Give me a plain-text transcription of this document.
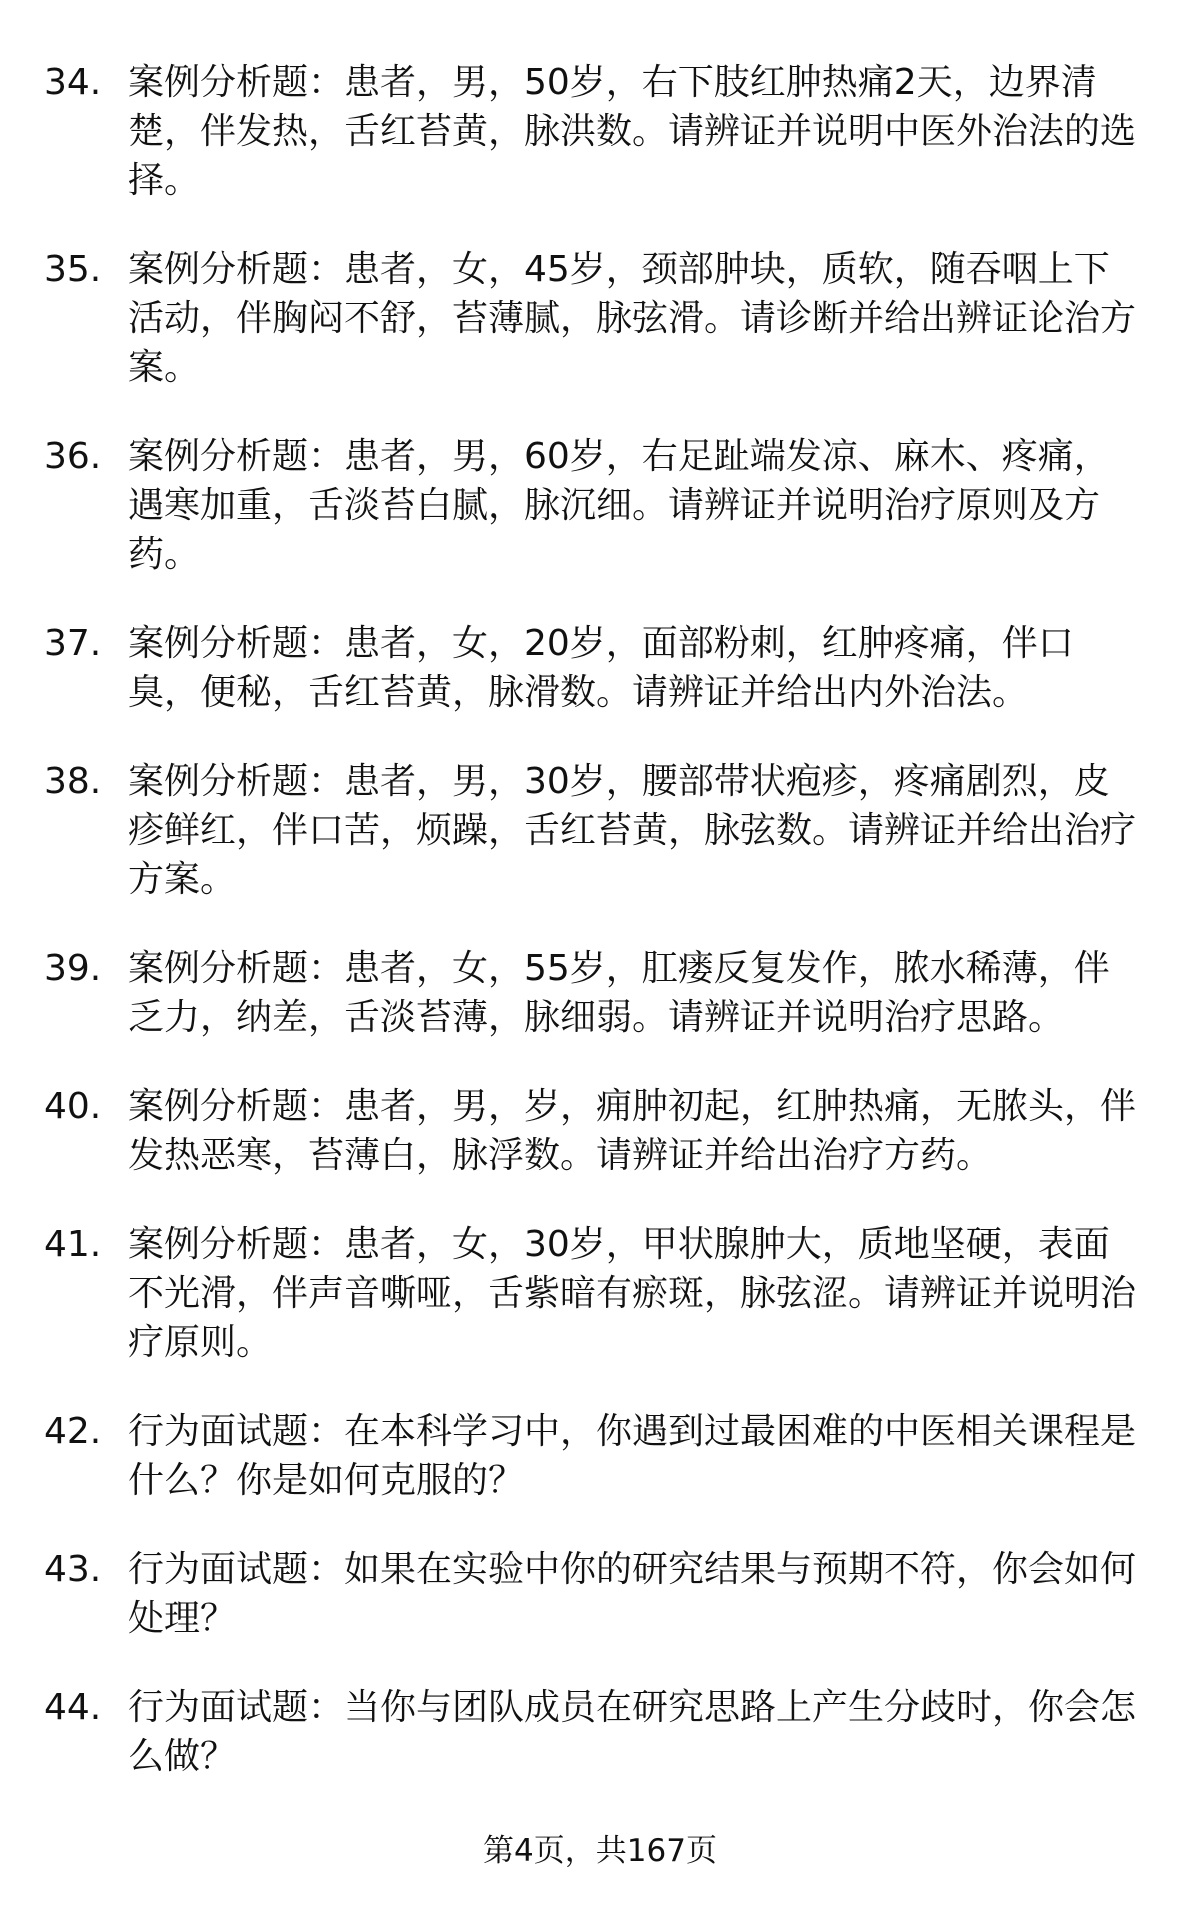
34. 案例分析题：患者，男，50岁，右下肢红肿热痛2天，边界清楚，伴发热，舌红苔黄，脉洪数。请辨证并说明中医外治法的选择。
35. 案例分析题：患者，女，45岁，颈部肿块，质软，随吞咽上下活动，伴胸闷不舒，苔薄腻，脉弦滑。请诊断并给出辨证论治方案。
36. 案例分析题：患者，男，60岁，右足趾端发凉、麻木、疼痛，遇寒加重，舌淡苔白腻，脉沉细。请辨证并说明治疗原则及方药。
37. 案例分析题：患者，女，20岁，面部粉刺，红肿疼痛，伴口臭，便秘，舌红苔黄，脉滑数。请辨证并给出内外治法。
38. 案例分析题：患者，男，30岁，腰部带状疱疹，疼痛剧烈，皮疹鲜红，伴口苦，烦躁，舌红苔黄，脉弦数。请辨证并给出治疗方案。
39. 案例分析题：患者，女，55岁，肛瘘反复发作，脓水稀薄，伴乏力，纳差，舌淡苔薄，脉细弱。请辨证并说明治疗思路。
40. 案例分析题：患者，男，岁，痈肿初起，红肿热痛，无脓头，伴发热恶寒，苔薄白，脉浮数。请辨证并给出治疗方药。
41. 案例分析题：患者，女，30岁，甲状腺肿大，质地坚硬，表面不光滑，伴声音嘶哑，舌紫暗有瘀斑，脉弦涩。请辨证并说明治疗原则。
42. 行为面试题：在本科学习中，你遇到过最困难的中医相关课程是什么？你是如何克服的？
43. 行为面试题：如果在实验中你的研究结果与预期不符，你会如何处理？
44. 行为面试题：当你与团队成员在研究思路上产生分歧时，你会怎么做？
第4页，共167页
